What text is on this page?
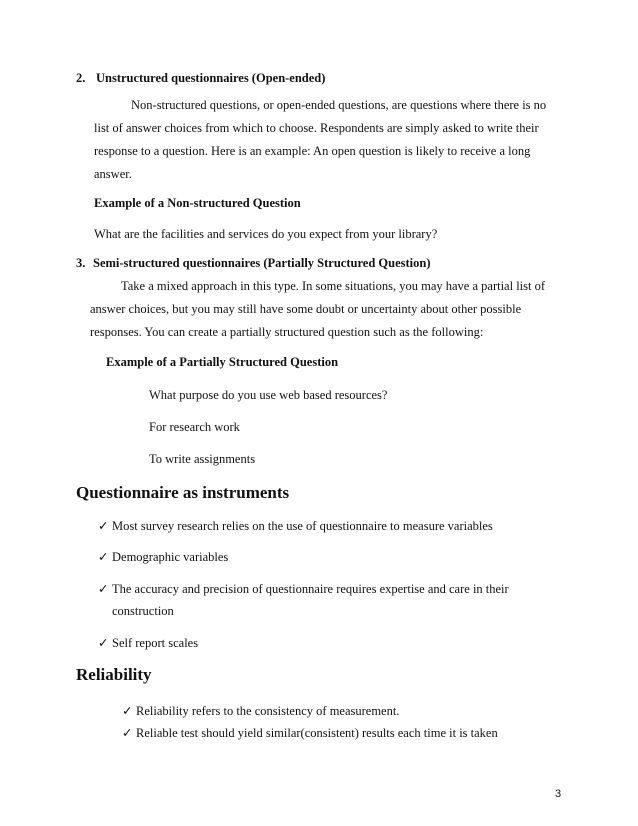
2. Unstructured questionnaires (Open-ended)
Non-structured questions, or open-ended questions, are questions where there is no
list of answer choices from which to choose. Respondents are simply asked to write their
response to a question. Here is an example: An open question is likely to receive a long
answer.
Example of a Non-structured Question
What are the facilities and services do you expect from your library?
3. Semi-structured questionnaires (Partially Structured Question)
Take a mixed approach in this type. In some situations, you may have a partial list of
answer choices, but you may still have some doubt or uncertainty about other possible
responses. You can create a partially structured question such as the following:
Example of a Partially Structured Question
What purpose do you use web based resources?
For research work
To write assignments
Questionnaire as instruments
✓ Most survey research relies on the use of questionnaire to measure variables
✓ Demographic variables
✓ The accuracy and precision of questionnaire requires expertise and care in their
construction
✓ Self report scales
Reliability
✓ Reliability refers to the consistency of measurement.
✓ Reliable test should yield similar(consistent) results each time it is taken
3
